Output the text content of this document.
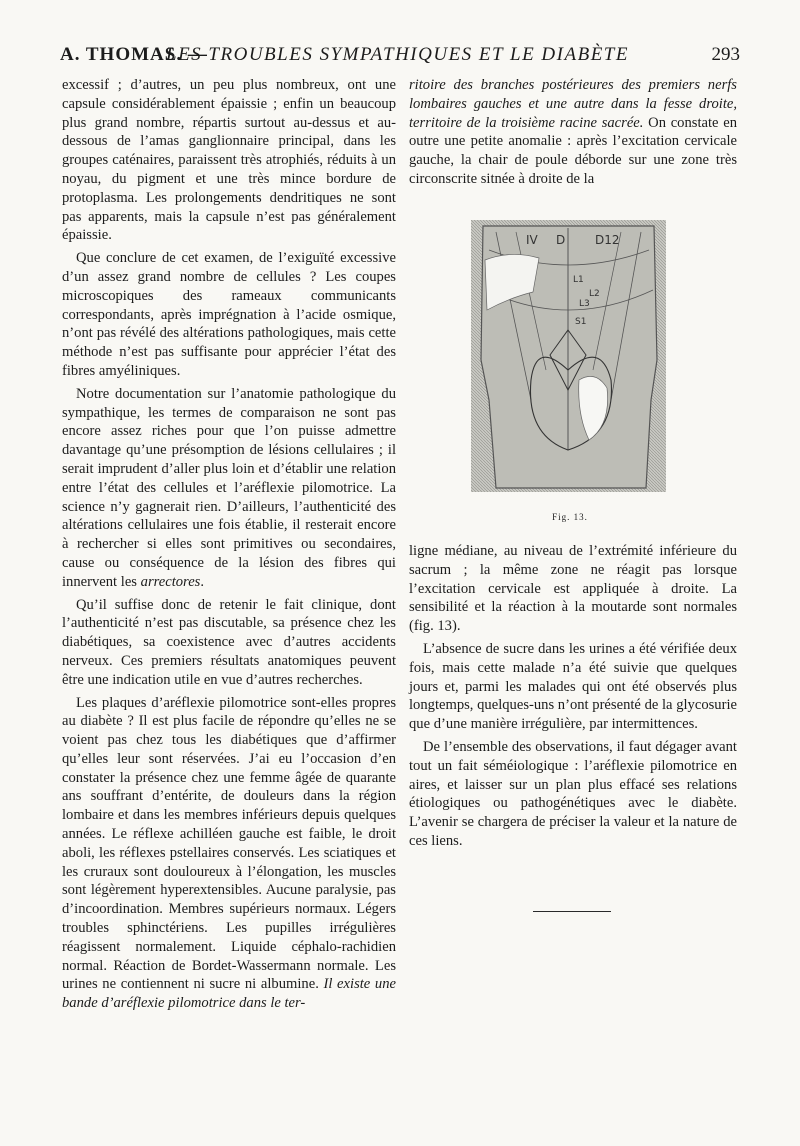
A. THOMAS. —
LES TROUBLES SYMPATHIQUES ET LE DIABÈTE	293

excessif ; d’autres, un peu plus nombreux, ont une capsule considérablement épaissie ; enfin un beaucoup plus grand nombre, répartis surtout au-dessus et au-dessous de l’amas ganglionnaire principal, dans les groupes caténaires, paraissent très atrophiés, réduits à un noyau, du pigment et une très mince bordure de protoplasma. Les prolongements dendritiques ne sont pas apparents, mais la capsule n’est pas généralement épaissie.

Que conclure de cet examen, de l’exiguïté excessive d’un assez grand nombre de cellules ? Les coupes microscopiques des rameaux communicants correspondants, après imprégnation à l’acide osmique, n’ont pas révélé des altérations pathologiques, mais cette méthode n’est pas suffisante pour apprécier l’état des fibres amyéliniques.

Notre documentation sur l’anatomie pathologique du sympathique, les termes de comparaison ne sont pas encore assez riches pour que l’on puisse admettre davantage qu’une présomption de lésions cellulaires ; il serait imprudent d’aller plus loin et d’établir une relation entre l’état des cellules et l’aréflexie pilomotrice. La science n’y gagnerait rien. D’ailleurs, l’authenticité des altérations cellulaires une fois établie, il resterait encore à rechercher si elles sont primitives ou secondaires, cause ou conséquence de la lésion des fibres qui innervent les arrectores.

Qu’il suffise donc de retenir le fait clinique, dont l’authenticité n’est pas discutable, sa présence chez les diabétiques, sa coexistence avec d’autres accidents nerveux. Ces premiers résultats anatomiques peuvent être une indication utile en vue d’autres recherches.

Les plaques d’aréflexie pilomotrice sont-elles propres au diabète ? Il est plus facile de répondre qu’elles ne se voient pas chez tous les diabétiques que d’affirmer qu’elles leur sont réservées. J’ai eu l’occasion d’en constater la présence chez une femme âgée de quarante ans souffrant d’entérite, de douleurs dans la région lombaire et dans les membres inférieurs depuis quelques années. Le réflexe achilléen gauche est faible, le droit aboli, les réflexes pstellaires conservés. Les sciatiques et les cruraux sont douloureux à l’élongation, les muscles sont légèrement hyperextensibles. Aucune paralysie, pas d’incoordination. Membres supérieurs normaux. Légers troubles sphinctériens. Les pupilles irrégulières réagissent normalement. Liquide céphalo-rachidien normal. Réaction de Bordet-Wassermann normale. Les urines ne contiennent ni sucre ni albumine. Il existe une bande d’aréflexie pilomotrice dans le ter-

ritoire des branches postérieures des premiers nerfs lombaires gauches et une autre dans la fesse droite, territoire de la troisième racine sacrée. On constate en outre une petite anomalie : après l’excitation cervicale gauche, la chair de poule déborde sur une zone très circonscrite sitnée à droite de la

IV D D12
L1
L2
L3
S1
Fig. 13.

ligne médiane, au niveau de l’extrémité inférieure du sacrum ; la même zone ne réagit pas lorsque l’excitation cervicale est appliquée à droite. La sensibilité et la réaction à la moutarde sont normales (fig. 13).

L’absence de sucre dans les urines a été vérifiée deux fois, mais cette malade n’a été suivie que quelques jours et, parmi les malades qui ont été observés plus longtemps, quelques-uns n’ont présenté de la glycosurie que d’une manière irrégulière, par intermittences.

De l’ensemble des observations, il faut dégager avant tout un fait séméiologique : l’aréflexie pilomotrice en aires, et laisser sur un plan plus effacé ses relations étiologiques ou pathogénétiques avec le diabète. L’avenir se chargera de préciser la valeur et la nature de ces liens.
